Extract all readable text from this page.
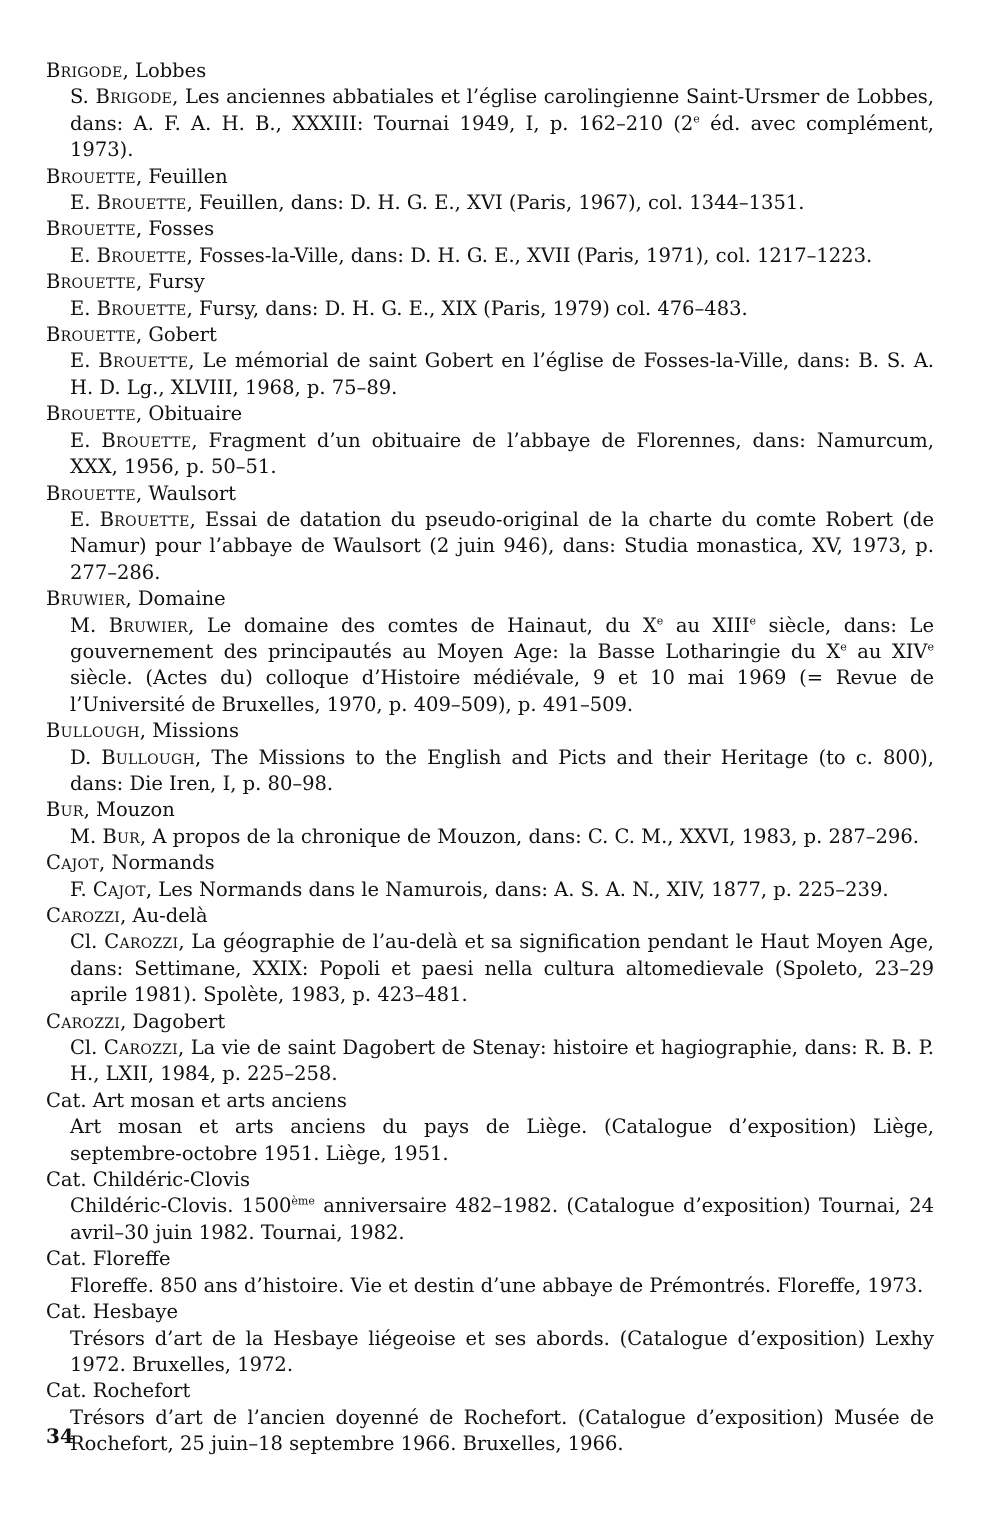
Brigode, Lobbes

S. Brigode, Les anciennes abbatiales et l’église carolingienne Saint-Ursmer de Lobbes, dans: A. F. A. H. B., XXXIII: Tournai 1949, I, p. 162–210 (2e éd. avec complément, 1973).

Brouette, Feuillen

E. Brouette, Feuillen, dans: D. H. G. E., XVI (Paris, 1967), col. 1344–1351.

Brouette, Fosses

E. Brouette, Fosses-la-Ville, dans: D. H. G. E., XVII (Paris, 1971), col. 1217–1223.

Brouette, Fursy

E. Brouette, Fursy, dans: D. H. G. E., XIX (Paris, 1979) col. 476–483.

Brouette, Gobert

E. Brouette, Le mémorial de saint Gobert en l’église de Fosses-la-Ville, dans: B. S. A. H. D. Lg., XLVIII, 1968, p. 75–89.

Brouette, Obituaire

E. Brouette, Fragment d’un obituaire de l’abbaye de Florennes, dans: Namurcum, XXX, 1956, p. 50–51.

Brouette, Waulsort

E. Brouette, Essai de datation du pseudo-original de la charte du comte Robert (de Namur) pour l’abbaye de Waulsort (2 juin 946), dans: Studia monastica, XV, 1973, p. 277–286.

Bruwier, Domaine

M. Bruwier, Le domaine des comtes de Hainaut, du Xe au XIIIe siècle, dans: Le gouvernement des principautés au Moyen Age: la Basse Lotharingie du Xe au XIVe siècle. (Actes du) colloque d’Histoire médiévale, 9 et 10 mai 1969 (= Revue de l’Université de Bruxelles, 1970, p. 409–509), p. 491–509.

Bullough, Missions

D. Bullough, The Missions to the English and Picts and their Heritage (to c. 800), dans: Die Iren, I, p. 80–98.

Bur, Mouzon

M. Bur, A propos de la chronique de Mouzon, dans: C. C. M., XXVI, 1983, p. 287–296.

Cajot, Normands

F. Cajot, Les Normands dans le Namurois, dans: A. S. A. N., XIV, 1877, p. 225–239.

Carozzi, Au-delà

Cl. Carozzi, La géographie de l’au-delà et sa signification pendant le Haut Moyen Age, dans: Settimane, XXIX: Popoli et paesi nella cultura altomedievale (Spoleto, 23–29 aprile 1981). Spolète, 1983, p. 423–481.

Carozzi, Dagobert

Cl. Carozzi, La vie de saint Dagobert de Stenay: histoire et hagiographie, dans: R. B. P. H., LXII, 1984, p. 225–258.

Cat. Art mosan et arts anciens

Art mosan et arts anciens du pays de Liège. (Catalogue d’exposition) Liège, septembre-octobre 1951. Liège, 1951.

Cat. Childéric-Clovis

Childéric-Clovis. 1500ème anniversaire 482–1982. (Catalogue d’exposition) Tournai, 24 avril–30 juin 1982. Tournai, 1982.

Cat. Floreffe

Floreffe. 850 ans d’histoire. Vie et destin d’une abbaye de Prémontrés. Floreffe, 1973.

Cat. Hesbaye

Trésors d’art de la Hesbaye liégeoise et ses abords. (Catalogue d’exposition) Lexhy 1972. Bruxelles, 1972.

Cat. Rochefort

Trésors d’art de l’ancien doyenné de Rochefort. (Catalogue d’exposition) Musée de Rochefort, 25 juin–18 septembre 1966. Bruxelles, 1966.

34
